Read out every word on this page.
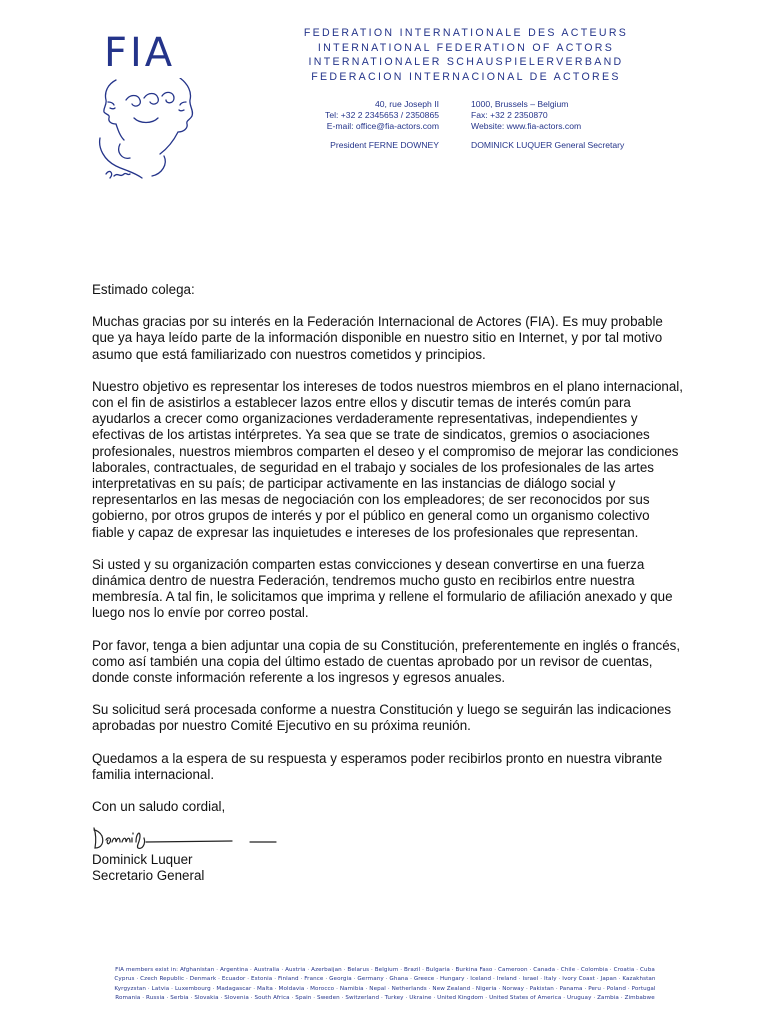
FIA	FEDERATION INTERNATIONALE DES ACTEURS
INTERNATIONAL FEDERATION OF ACTORS
INTERNATIONALER SCHAUSPIELERVERBAND
FEDERACION INTERNACIONAL DE ACTORES
40, rue Joseph II
Tel: +32 2 2345653 / 2350865
E-mail: office@fia-actors.com
1000, Brussels – Belgium
Fax: +32 2 2350870
Website: www.fia-actors.com
President FERNE DOWNEY	DOMINICK LUQUER General Secretary

Estimado colega:

Muchas gracias por su interés en la Federación Internacional de Actores (FIA). Es muy probable que ya haya leído parte de la información disponible en nuestro sitio en Internet, y por tal motivo asumo que está familiarizado con nuestros cometidos y principios.

Nuestro objetivo es representar los intereses de todos nuestros miembros en el plano internacional, con el fin de asistirlos a establecer lazos entre ellos y discutir temas de interés común para ayudarlos a crecer como organizaciones verdaderamente representativas, independientes y efectivas de los artistas intérpretes. Ya sea que se trate de sindicatos, gremios o asociaciones profesionales, nuestros miembros comparten el deseo y el compromiso de mejorar las condiciones laborales, contractuales, de seguridad en el trabajo y sociales de los profesionales de las artes interpretativas en su país; de participar activamente en las instancias de diálogo social y representarlos en las mesas de negociación con los empleadores; de ser reconocidos por sus gobierno, por otros grupos de interés y por el público en general como un organismo colectivo fiable y capaz de expresar las inquietudes e intereses de los profesionales que representan.

Si usted y su organización comparten estas convicciones y desean convertirse en una fuerza dinámica dentro de nuestra Federación, tendremos mucho gusto en recibirlos entre nuestra membresía. A tal fin, le solicitamos que imprima y rellene el formulario de afiliación anexado y que luego nos lo envíe por correo postal.

Por favor, tenga a bien adjuntar una copia de su Constitución, preferentemente en inglés o francés, como así también una copia del último estado de cuentas aprobado por un revisor de cuentas, donde conste información referente a los ingresos y egresos anuales.

Su solicitud será procesada conforme a nuestra Constitución y luego se seguirán las indicaciones aprobadas por nuestro Comité Ejecutivo en su próxima reunión.

Quedamos a la espera de su respuesta y esperamos poder recibirlos pronto en nuestra vibrante familia internacional.

Con un saludo cordial,

Dominick Luquer
Secretario General
FIA members exist in: Afghanistan · Argentina · Australia · Austria · Azerbaijan · Belarus · Belgium · Brazil · Bulgaria · Burkina Faso · Cameroon · Canada · Chile · Colombia · Croatia · Cuba
Cyprus · Czech Republic · Denmark · Ecuador · Estonia · Finland · France · Georgia · Germany · Ghana · Greece · Hungary · Iceland · Ireland · Israel · Italy · Ivory Coast · Japan · Kazakhstan
Kyrgyzstan · Latvia · Luxembourg · Madagascar · Malta · Moldavia · Morocco · Namibia · Nepal · Netherlands · New Zealand · Nigeria · Norway · Pakistan · Panama · Peru · Poland · Portugal
Romania · Russia · Serbia · Slovakia · Slovenia · South Africa · Spain · Sweden · Switzerland · Turkey · Ukraine · United Kingdom · United States of America · Uruguay · Zambia · Zimbabwe
